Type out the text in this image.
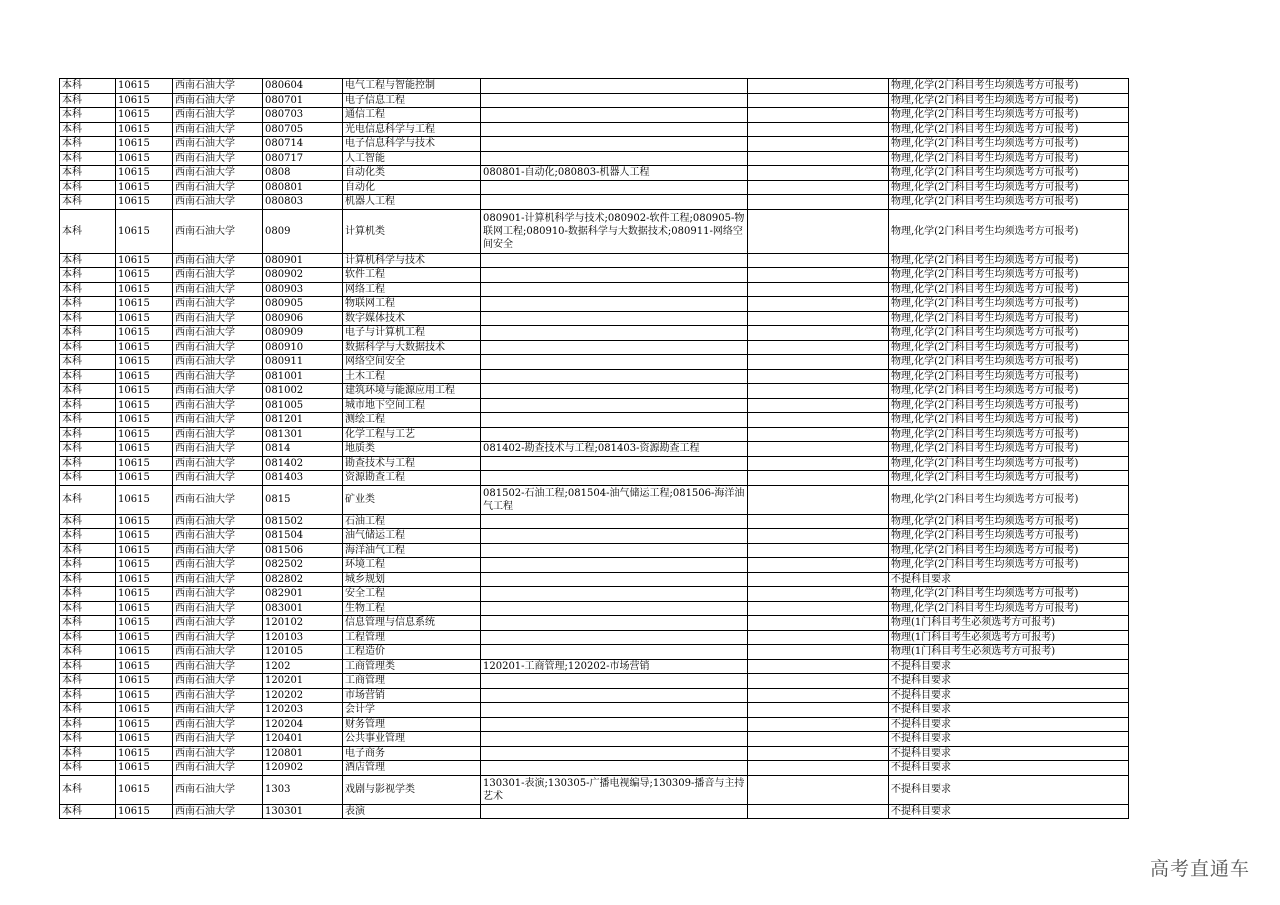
本科	10615	西南石油大学	080604	电气工程与智能控制			物理,化学(2门科目考生均须选考方可报考)
本科	10615	西南石油大学	080701	电子信息工程			物理,化学(2门科目考生均须选考方可报考)
本科	10615	西南石油大学	080703	通信工程			物理,化学(2门科目考生均须选考方可报考)
本科	10615	西南石油大学	080705	光电信息科学与工程			物理,化学(2门科目考生均须选考方可报考)
本科	10615	西南石油大学	080714	电子信息科学与技术			物理,化学(2门科目考生均须选考方可报考)
本科	10615	西南石油大学	080717	人工智能			物理,化学(2门科目考生均须选考方可报考)
本科	10615	西南石油大学	0808	自动化类	080801-自动化;080803-机器人工程		物理,化学(2门科目考生均须选考方可报考)
本科	10615	西南石油大学	080801	自动化			物理,化学(2门科目考生均须选考方可报考)
本科	10615	西南石油大学	080803	机器人工程			物理,化学(2门科目考生均须选考方可报考)
本科	10615	西南石油大学	0809	计算机类	080901-计算机科学与技术;080902-软件工程;080905-物联网工程;080910-数据科学与大数据技术;080911-网络空间安全		物理,化学(2门科目考生均须选考方可报考)
本科	10615	西南石油大学	080901	计算机科学与技术			物理,化学(2门科目考生均须选考方可报考)
本科	10615	西南石油大学	080902	软件工程			物理,化学(2门科目考生均须选考方可报考)
本科	10615	西南石油大学	080903	网络工程			物理,化学(2门科目考生均须选考方可报考)
本科	10615	西南石油大学	080905	物联网工程			物理,化学(2门科目考生均须选考方可报考)
本科	10615	西南石油大学	080906	数字媒体技术			物理,化学(2门科目考生均须选考方可报考)
本科	10615	西南石油大学	080909	电子与计算机工程			物理,化学(2门科目考生均须选考方可报考)
本科	10615	西南石油大学	080910	数据科学与大数据技术			物理,化学(2门科目考生均须选考方可报考)
本科	10615	西南石油大学	080911	网络空间安全			物理,化学(2门科目考生均须选考方可报考)
本科	10615	西南石油大学	081001	土木工程			物理,化学(2门科目考生均须选考方可报考)
本科	10615	西南石油大学	081002	建筑环境与能源应用工程			物理,化学(2门科目考生均须选考方可报考)
本科	10615	西南石油大学	081005	城市地下空间工程			物理,化学(2门科目考生均须选考方可报考)
本科	10615	西南石油大学	081201	测绘工程			物理,化学(2门科目考生均须选考方可报考)
本科	10615	西南石油大学	081301	化学工程与工艺			物理,化学(2门科目考生均须选考方可报考)
本科	10615	西南石油大学	0814	地质类	081402-勘查技术与工程;081403-资源勘查工程		物理,化学(2门科目考生均须选考方可报考)
本科	10615	西南石油大学	081402	勘查技术与工程			物理,化学(2门科目考生均须选考方可报考)
本科	10615	西南石油大学	081403	资源勘查工程			物理,化学(2门科目考生均须选考方可报考)
本科	10615	西南石油大学	0815	矿业类	081502-石油工程;081504-油气储运工程;081506-海洋油气工程		物理,化学(2门科目考生均须选考方可报考)
本科	10615	西南石油大学	081502	石油工程			物理,化学(2门科目考生均须选考方可报考)
本科	10615	西南石油大学	081504	油气储运工程			物理,化学(2门科目考生均须选考方可报考)
本科	10615	西南石油大学	081506	海洋油气工程			物理,化学(2门科目考生均须选考方可报考)
本科	10615	西南石油大学	082502	环境工程			物理,化学(2门科目考生均须选考方可报考)
本科	10615	西南石油大学	082802	城乡规划			不提科目要求
本科	10615	西南石油大学	082901	安全工程			物理,化学(2门科目考生均须选考方可报考)
本科	10615	西南石油大学	083001	生物工程			物理,化学(2门科目考生均须选考方可报考)
本科	10615	西南石油大学	120102	信息管理与信息系统			物理(1门科目考生必须选考方可报考)
本科	10615	西南石油大学	120103	工程管理			物理(1门科目考生必须选考方可报考)
本科	10615	西南石油大学	120105	工程造价			物理(1门科目考生必须选考方可报考)
本科	10615	西南石油大学	1202	工商管理类	120201-工商管理;120202-市场营销		不提科目要求
本科	10615	西南石油大学	120201	工商管理			不提科目要求
本科	10615	西南石油大学	120202	市场营销			不提科目要求
本科	10615	西南石油大学	120203	会计学			不提科目要求
本科	10615	西南石油大学	120204	财务管理			不提科目要求
本科	10615	西南石油大学	120401	公共事业管理			不提科目要求
本科	10615	西南石油大学	120801	电子商务			不提科目要求
本科	10615	西南石油大学	120902	酒店管理			不提科目要求
本科	10615	西南石油大学	1303	戏剧与影视学类	130301-表演;130305-广播电视编导;130309-播音与主持艺术		不提科目要求
本科	10615	西南石油大学	130301	表演			不提科目要求
高考直通车
